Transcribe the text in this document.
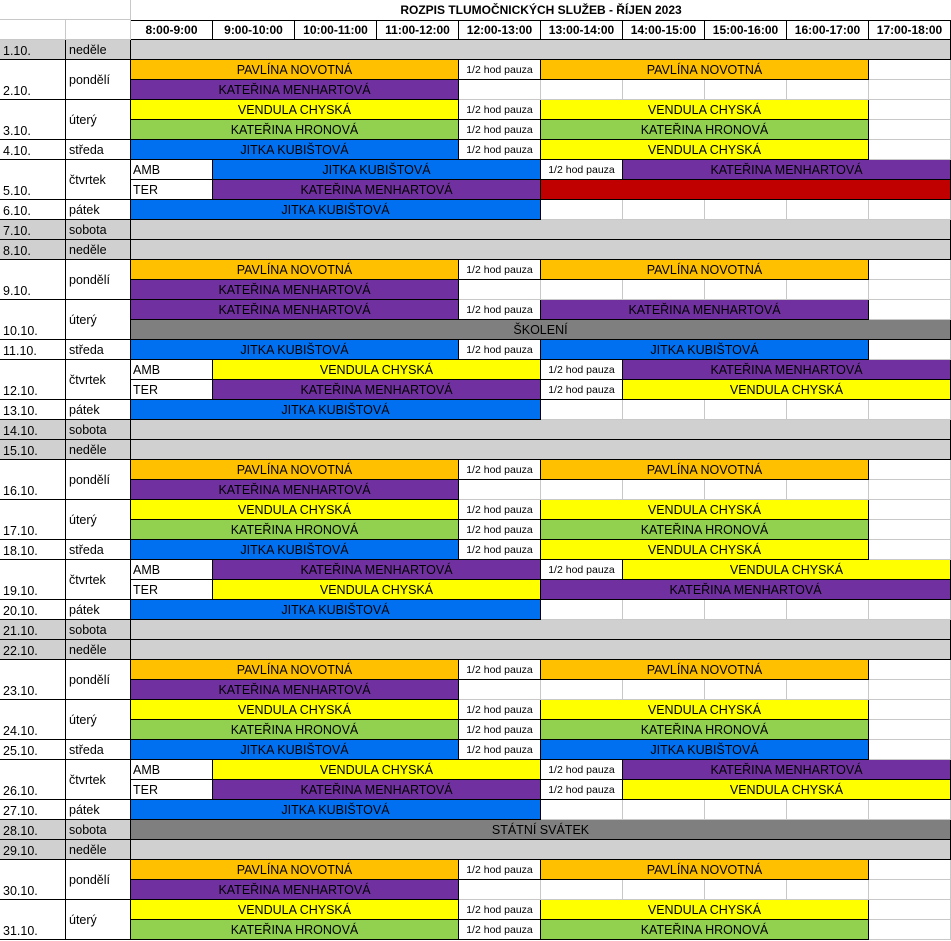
ROZPIS TLUMOČNICKÝCH SLUŽEB - ŘÍJEN 2023
8:00-9:00	9:00-10:00	10:00-11:00	11:00-12:00	12:00-13:00	13:00-14:00	14:00-15:00	15:00-16:00	16:00-17:00	17:00-18:00
1.10.	neděle
2.10.
pondělí
PAVLÍNA NOVOTNÁ	1/2 hod pauza	PAVLÍNA NOVOTNÁ
KATEŘINA MENHARTOVÁ
3.10.
úterý
VENDULA CHYSKÁ	1/2 hod pauza	VENDULA CHYSKÁ
KATEŘINA HRONOVÁ	1/2 hod pauza	KATEŘINA HRONOVÁ
4.10.	středa	JITKA KUBIŠTOVÁ	1/2 hod pauza	VENDULA CHYSKÁ
5.10.
čtvrtek
AMB	JITKA KUBIŠTOVÁ	1/2 hod pauza	KATEŘINA MENHARTOVÁ
TER	KATEŘINA MENHARTOVÁ
6.10.	pátek	JITKA KUBIŠTOVÁ
7.10.	sobota
8.10.	neděle
9.10.
pondělí
PAVLÍNA NOVOTNÁ	1/2 hod pauza	PAVLÍNA NOVOTNÁ
KATEŘINA MENHARTOVÁ
10.10.
úterý
KATEŘINA MENHARTOVÁ	1/2 hod pauza	KATEŘINA MENHARTOVÁ
ŠKOLENÍ
11.10.	středa	JITKA KUBIŠTOVÁ	1/2 hod pauza	JITKA KUBIŠTOVÁ
12.10.
čtvrtek
AMB	VENDULA CHYSKÁ	1/2 hod pauza	KATEŘINA MENHARTOVÁ
TER	KATEŘINA MENHARTOVÁ	1/2 hod pauza	VENDULA CHYSKÁ
13.10.	pátek	JITKA KUBIŠTOVÁ
14.10.	sobota
15.10.	neděle
16.10.
pondělí
PAVLÍNA NOVOTNÁ	1/2 hod pauza	PAVLÍNA NOVOTNÁ
KATEŘINA MENHARTOVÁ
17.10.
úterý
VENDULA CHYSKÁ	1/2 hod pauza	VENDULA CHYSKÁ
KATEŘINA HRONOVÁ	1/2 hod pauza	KATEŘINA HRONOVÁ
18.10.	středa	JITKA KUBIŠTOVÁ	1/2 hod pauza	VENDULA CHYSKÁ
19.10.
čtvrtek
AMB	KATEŘINA MENHARTOVÁ	1/2 hod pauza	VENDULA CHYSKÁ
TER	VENDULA CHYSKÁ	KATEŘINA MENHARTOVÁ
20.10.	pátek	JITKA KUBIŠTOVÁ
21.10.	sobota
22.10.	neděle
23.10.
pondělí
PAVLÍNA NOVOTNÁ	1/2 hod pauza	PAVLÍNA NOVOTNÁ
KATEŘINA MENHARTOVÁ
24.10.
úterý
VENDULA CHYSKÁ	1/2 hod pauza	VENDULA CHYSKÁ
KATEŘINA HRONOVÁ	1/2 hod pauza	KATEŘINA HRONOVÁ
25.10.	středa	JITKA KUBIŠTOVÁ	1/2 hod pauza	JITKA KUBIŠTOVÁ
26.10.
čtvrtek
AMB	VENDULA CHYSKÁ	1/2 hod pauza	KATEŘINA MENHARTOVÁ
TER	KATEŘINA MENHARTOVÁ	1/2 hod pauza	VENDULA CHYSKÁ
27.10.	pátek	JITKA KUBIŠTOVÁ
28.10.	sobota	STÁTNÍ SVÁTEK
29.10.	neděle
30.10.
pondělí
PAVLÍNA NOVOTNÁ	1/2 hod pauza	PAVLÍNA NOVOTNÁ
KATEŘINA MENHARTOVÁ
31.10.
úterý
VENDULA CHYSKÁ	1/2 hod pauza	VENDULA CHYSKÁ
KATEŘINA HRONOVÁ	1/2 hod pauza	KATEŘINA HRONOVÁ
